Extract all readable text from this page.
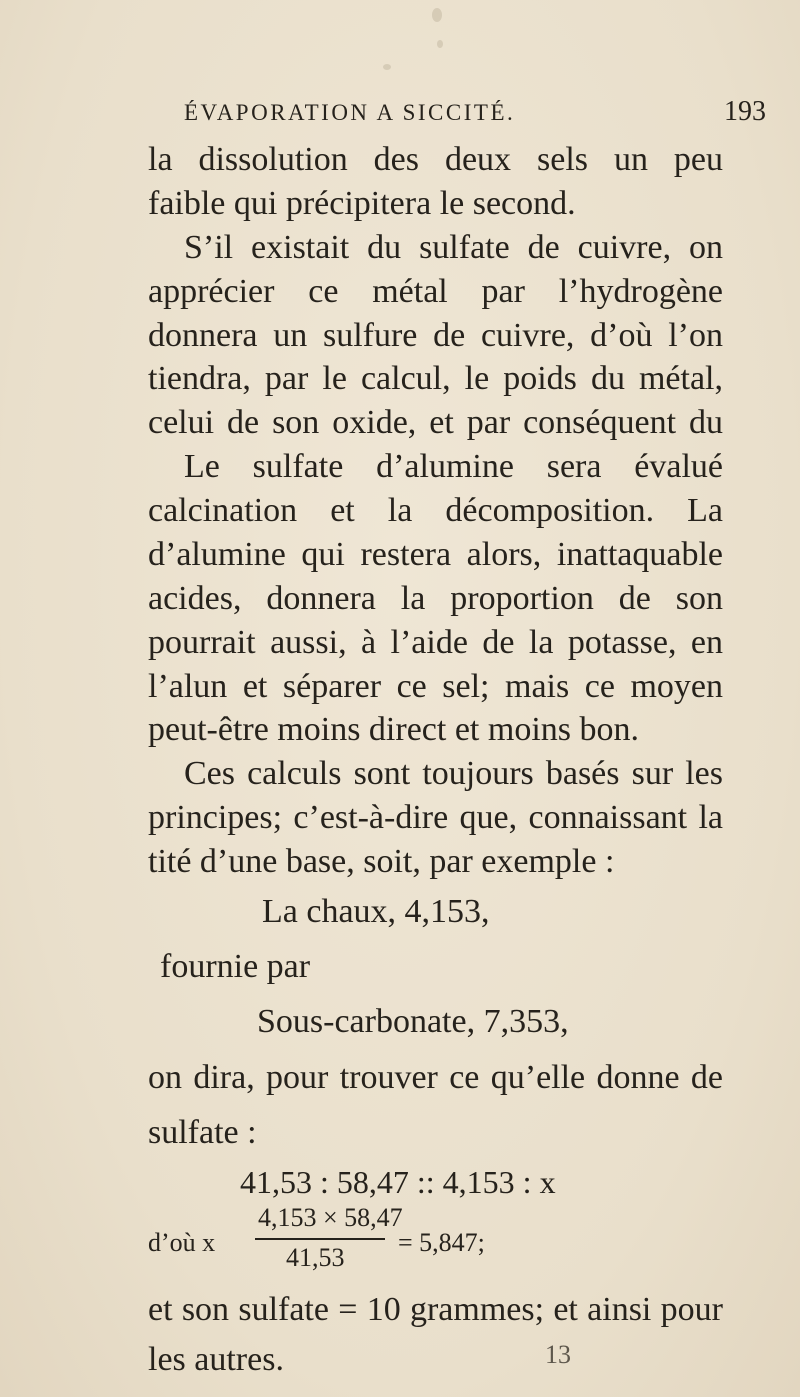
ÉVAPORATION A SICCITÉ.	193
la dissolution des deux sels un peu
faible qui précipitera le second.
S’il existait du sulfate de cuivre, on
apprécier ce métal par l’hydrogène
donnera un sulfure de cuivre, d’où l’on
tiendra, par le calcul, le poids du métal,
celui de son oxide, et par conséquent du
Le sulfate d’alumine sera évalué
calcination et la décomposition. La
d’alumine qui restera alors, inattaquable
acides, donnera la proportion de son
pourrait aussi, à l’aide de la potasse, en
l’alun et séparer ce sel; mais ce moyen
peut-être moins direct et moins bon.
Ces calculs sont toujours basés sur les
principes; c’est-à-dire que, connaissant la
tité d’une base, soit, par exemple :
La chaux, 4,153,
fournie par
Sous-carbonate, 7,353,
on dira, pour trouver ce qu’elle donne de
sulfate :
41,53 : 58,47 :: 4,153 : x
d’où x
4,153 × 58,47
41,53
= 5,847;
et son sulfate = 10 grammes; et ainsi pour
les autres.	13
